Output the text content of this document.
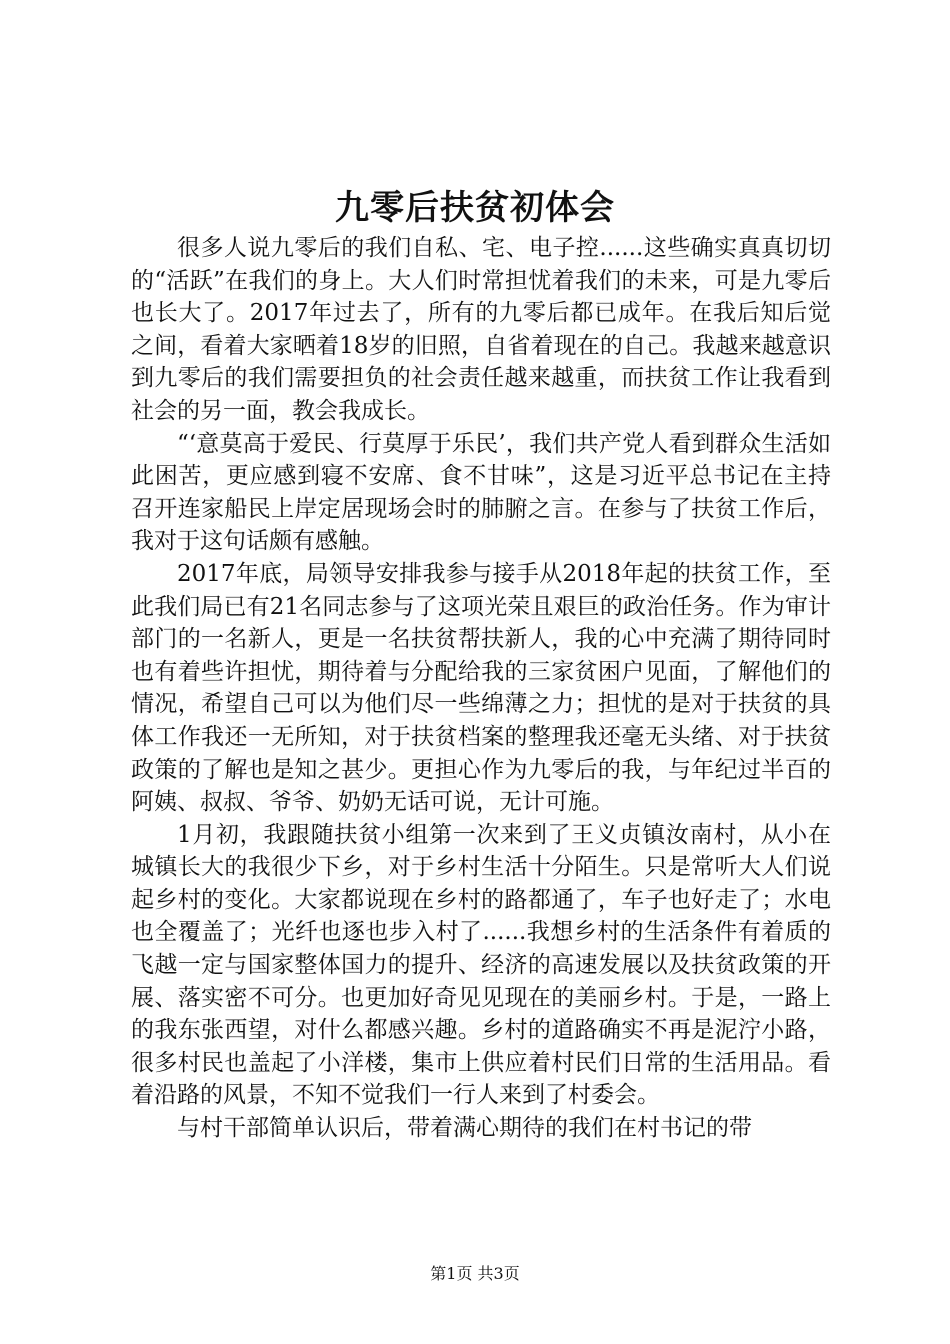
九零后扶贫初体会

很多人说九零后的我们自私、宅、电子控......这些确实真真切切的“活跃”在我们的身上。大人们时常担忧着我们的未来，可是九零后也长大了。2017年过去了，所有的九零后都已成年。在我后知后觉之间，看着大家晒着18岁的旧照，自省着现在的自己。我越来越意识到九零后的我们需要担负的社会责任越来越重，而扶贫工作让我看到社会的另一面，教会我成长。

“‘意莫高于爱民、行莫厚于乐民’，我们共产党人看到群众生活如此困苦，更应感到寝不安席、食不甘味”，这是习近平总书记在主持召开连家船民上岸定居现场会时的肺腑之言。在参与了扶贫工作后，我对于这句话颇有感触。

2017年底，局领导安排我参与接手从2018年起的扶贫工作，至此我们局已有21名同志参与了这项光荣且艰巨的政治任务。作为审计部门的一名新人，更是一名扶贫帮扶新人，我的心中充满了期待同时也有着些许担忧，期待着与分配给我的三家贫困户见面，了解他们的情况，希望自己可以为他们尽一些绵薄之力；担忧的是对于扶贫的具体工作我还一无所知，对于扶贫档案的整理我还毫无头绪、对于扶贫政策的了解也是知之甚少。更担心作为九零后的我，与年纪过半百的阿姨、叔叔、爷爷、奶奶无话可说，无计可施。

1月初，我跟随扶贫小组第一次来到了王义贞镇汝南村，从小在城镇长大的我很少下乡，对于乡村生活十分陌生。只是常听大人们说起乡村的变化。大家都说现在乡村的路都通了，车子也好走了；水电也全覆盖了；光纤也逐也步入村了......我想乡村的生活条件有着质的飞越一定与国家整体国力的提升、经济的高速发展以及扶贫政策的开展、落实密不可分。也更加好奇见见现在的美丽乡村。于是，一路上的我东张西望，对什么都感兴趣。乡村的道路确实不再是泥泞小路，很多村民也盖起了小洋楼，集市上供应着村民们日常的生活用品。看着沿路的风景，不知不觉我们一行人来到了村委会。

与村干部简单认识后，带着满心期待的我们在村书记的带

第1页 共3页
